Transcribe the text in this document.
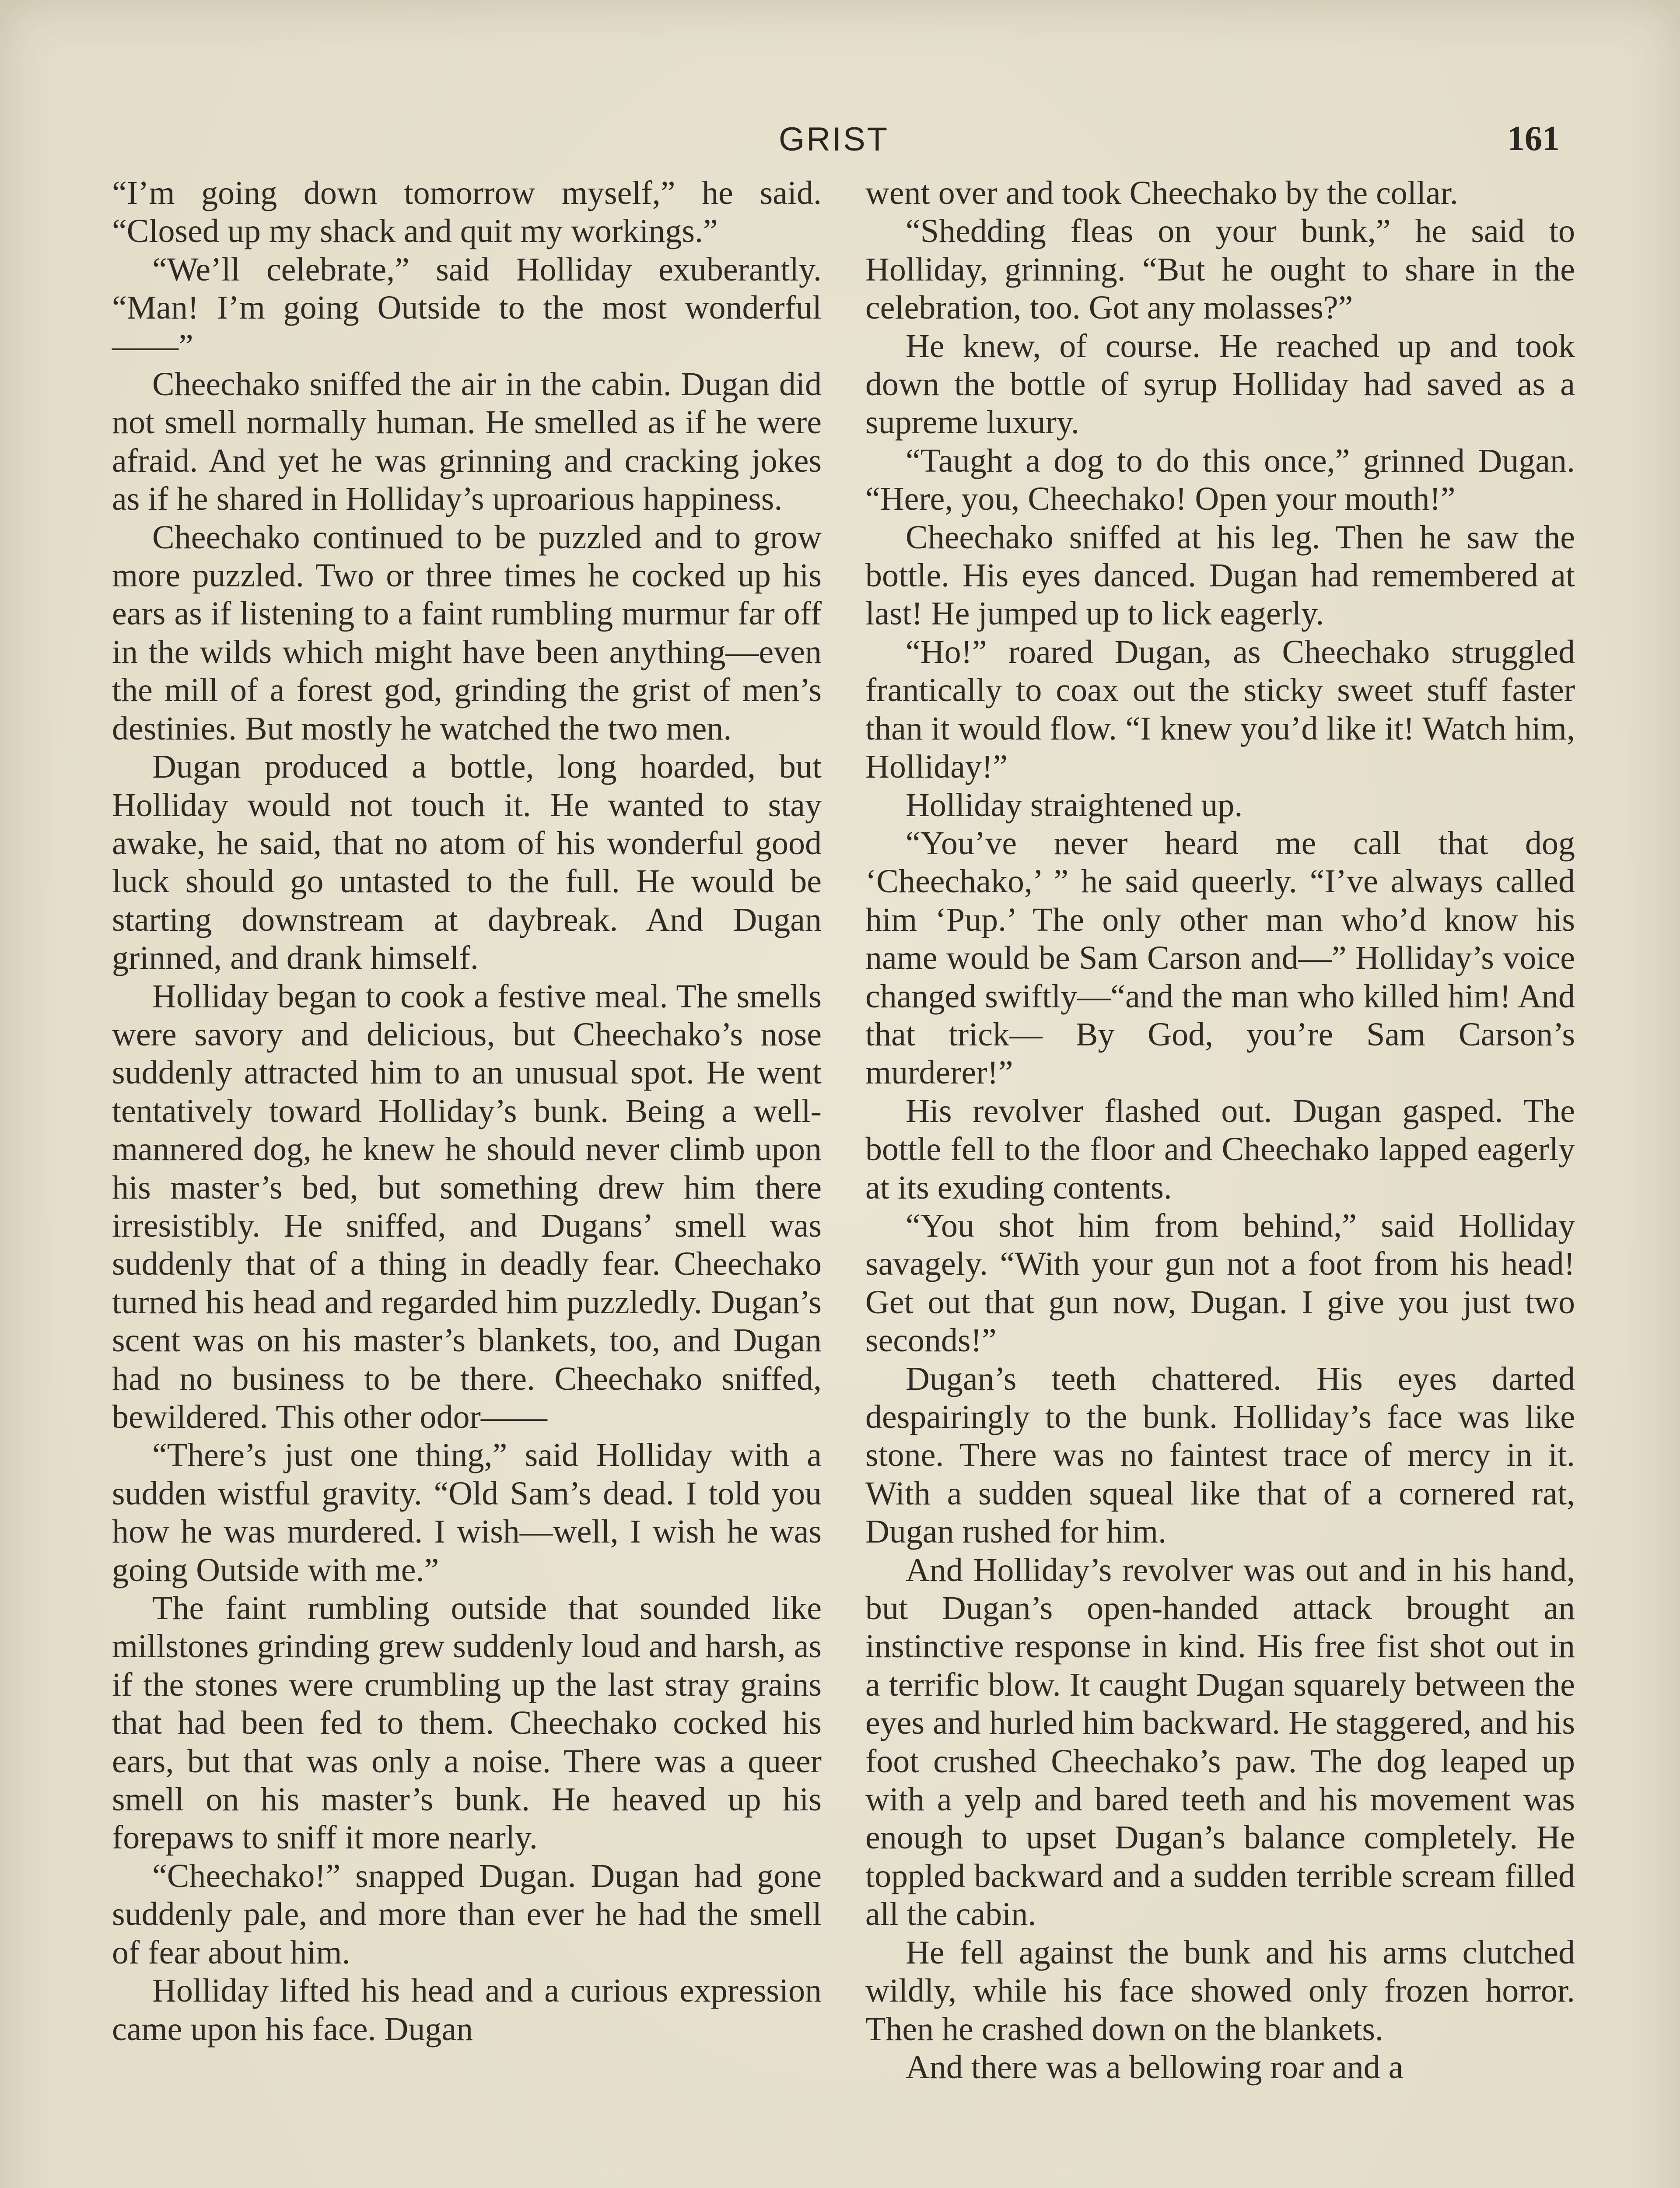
GRIST	161

“I’m going down tomorrow myself,” he said. “Closed up my shack and quit my workings.”

“We’ll celebrate,” said Holliday exuberantly. “Man! I’m going Outside to the most wonderful——”

Cheechako sniffed the air in the cabin. Dugan did not smell normally human. He smelled as if he were afraid. And yet he was grinning and cracking jokes as if he shared in Holliday’s uproarious happiness.

Cheechako continued to be puzzled and to grow more puzzled. Two or three times he cocked up his ears as if listening to a faint rumbling murmur far off in the wilds which might have been anything—even the mill of a forest god, grinding the grist of men’s destinies. But mostly he watched the two men.

Dugan produced a bottle, long hoarded, but Holliday would not touch it. He wanted to stay awake, he said, that no atom of his wonderful good luck should go untasted to the full. He would be starting downstream at daybreak. And Dugan grinned, and drank himself.

Holliday began to cook a festive meal. The smells were savory and delicious, but Cheechako’s nose suddenly attracted him to an unusual spot. He went tentatively toward Holliday’s bunk. Being a well-mannered dog, he knew he should never climb upon his master’s bed, but something drew him there irresistibly. He sniffed, and Dugans’ smell was suddenly that of a thing in deadly fear. Cheechako turned his head and regarded him puzzledly. Dugan’s scent was on his master’s blankets, too, and Dugan had no business to be there. Cheechako sniffed, bewildered. This other odor——

“There’s just one thing,” said Holliday with a sudden wistful gravity. “Old Sam’s dead. I told you how he was murdered. I wish—well, I wish he was going Outside with me.”

The faint rumbling outside that sounded like millstones grinding grew suddenly loud and harsh, as if the stones were crumbling up the last stray grains that had been fed to them. Cheechako cocked his ears, but that was only a noise. There was a queer smell on his master’s bunk. He heaved up his forepaws to sniff it more nearly.

“Cheechako!” snapped Dugan. Dugan had gone suddenly pale, and more than ever he had the smell of fear about him.

Holliday lifted his head and a curious expression came upon his face. Dugan

went over and took Cheechako by the collar.

“Shedding fleas on your bunk,” he said to Holliday, grinning. “But he ought to share in the celebration, too. Got any molasses?”

He knew, of course. He reached up and took down the bottle of syrup Holliday had saved as a supreme luxury.

“Taught a dog to do this once,” grinned Dugan. “Here, you, Cheechako! Open your mouth!”

Cheechako sniffed at his leg. Then he saw the bottle. His eyes danced. Dugan had remembered at last! He jumped up to lick eagerly.

“Ho!” roared Dugan, as Cheechako struggled frantically to coax out the sticky sweet stuff faster than it would flow. “I knew you’d like it! Watch him, Holliday!”

Holliday straightened up.

“You’ve never heard me call that dog ‘Cheechako,’ ” he said queerly. “I’ve always called him ‘Pup.’ The only other man who’d know his name would be Sam Carson and—” Holliday’s voice changed swiftly—“and the man who killed him! And that trick— By God, you’re Sam Carson’s murderer!”

His revolver flashed out. Dugan gasped. The bottle fell to the floor and Cheechako lapped eagerly at its exuding contents.

“You shot him from behind,” said Holliday savagely. “With your gun not a foot from his head! Get out that gun now, Dugan. I give you just two seconds!”

Dugan’s teeth chattered. His eyes darted despairingly to the bunk. Holliday’s face was like stone. There was no faintest trace of mercy in it. With a sudden squeal like that of a cornered rat, Dugan rushed for him.

And Holliday’s revolver was out and in his hand, but Dugan’s open-handed attack brought an instinctive response in kind. His free fist shot out in a terrific blow. It caught Dugan squarely between the eyes and hurled him backward. He staggered, and his foot crushed Cheechako’s paw. The dog leaped up with a yelp and bared teeth and his movement was enough to upset Dugan’s balance completely. He toppled backward and a sudden terrible scream filled all the cabin.

He fell against the bunk and his arms clutched wildly, while his face showed only frozen horror. Then he crashed down on the blankets.

And there was a bellowing roar and a
